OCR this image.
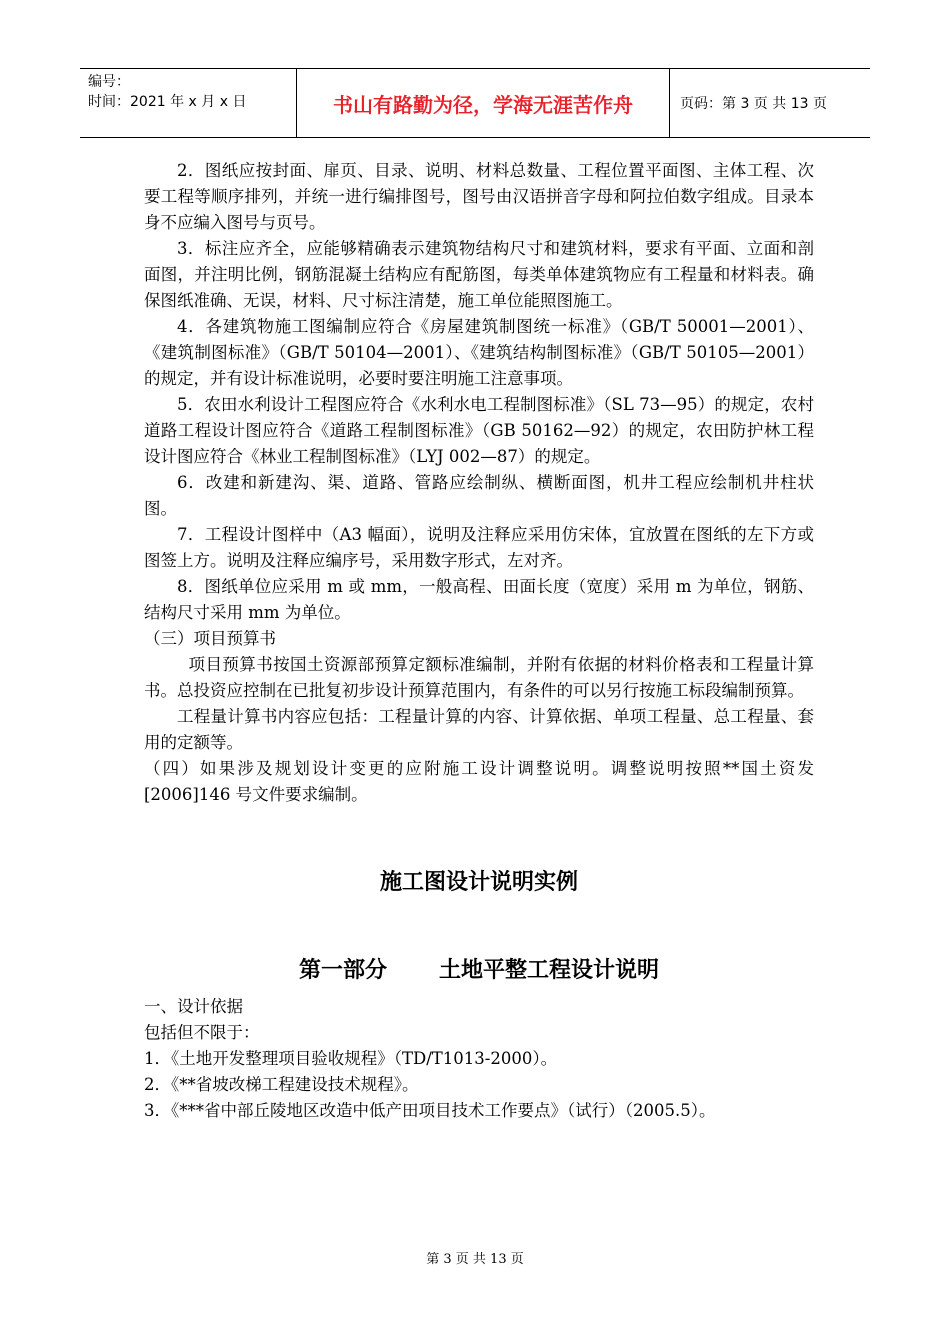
编号：
时间：2021 年 x 月 x 日	书山有路勤为径，学海无涯苦作舟	页码：第 3 页 共 13 页

2．图纸应按封面、扉页、目录、说明、材料总数量、工程位置平面图、主体工程、次要工程等顺序排列，并统一进行编排图号，图号由汉语拼音字母和阿拉伯数字组成。目录本身不应编入图号与页号。

3．标注应齐全，应能够精确表示建筑物结构尺寸和建筑材料，要求有平面、立面和剖面图，并注明比例，钢筋混凝土结构应有配筋图，每类单体建筑物应有工程量和材料表。确保图纸准确、无误，材料、尺寸标注清楚，施工单位能照图施工。

4．各建筑物施工图编制应符合《房屋建筑制图统一标准》（GB/T 50001—2001）、《建筑制图标准》（GB/T 50104—2001）、《建筑结构制图标准》（GB/T 50105—2001）的规定，并有设计标准说明，必要时要注明施工注意事项。

5．农田水利设计工程图应符合《水利水电工程制图标准》（SL 73—95）的规定，农村道路工程设计图应符合《道路工程制图标准》（GB 50162—92）的规定，农田防护林工程设计图应符合《林业工程制图标准》（LYJ 002—87）的规定。

6．改建和新建沟、渠、道路、管路应绘制纵、横断面图，机井工程应绘制机井柱状图。

7．工程设计图样中（A3 幅面），说明及注释应采用仿宋体，宜放置在图纸的左下方或图签上方。说明及注释应编序号，采用数字形式，左对齐。

8．图纸单位应采用 m 或 mm，一般高程、田面长度（宽度）采用 m 为单位，钢筋、结构尺寸采用 mm 为单位。

（三）项目预算书

项目预算书按国土资源部预算定额标准编制，并附有依据的材料价格表和工程量计算书。总投资应控制在已批复初步设计预算范围内，有条件的可以另行按施工标段编制预算。

工程量计算书内容应包括：工程量计算的内容、计算依据、单项工程量、总工程量、套用的定额等。

（四）如果涉及规划设计变更的应附施工设计调整说明。调整说明按照**国土资发[2006]146 号文件要求编制。

施工图设计说明实例

第一部分 土地平整工程设计说明

一、设计依据

包括但不限于：

1．《土地开发整理项目验收规程》（TD/T1013-2000）。

2．《**省坡改梯工程建设技术规程》。

3．《***省中部丘陵地区改造中低产田项目技术工作要点》（试行）（2005.5）。

第 3 页 共 13 页
